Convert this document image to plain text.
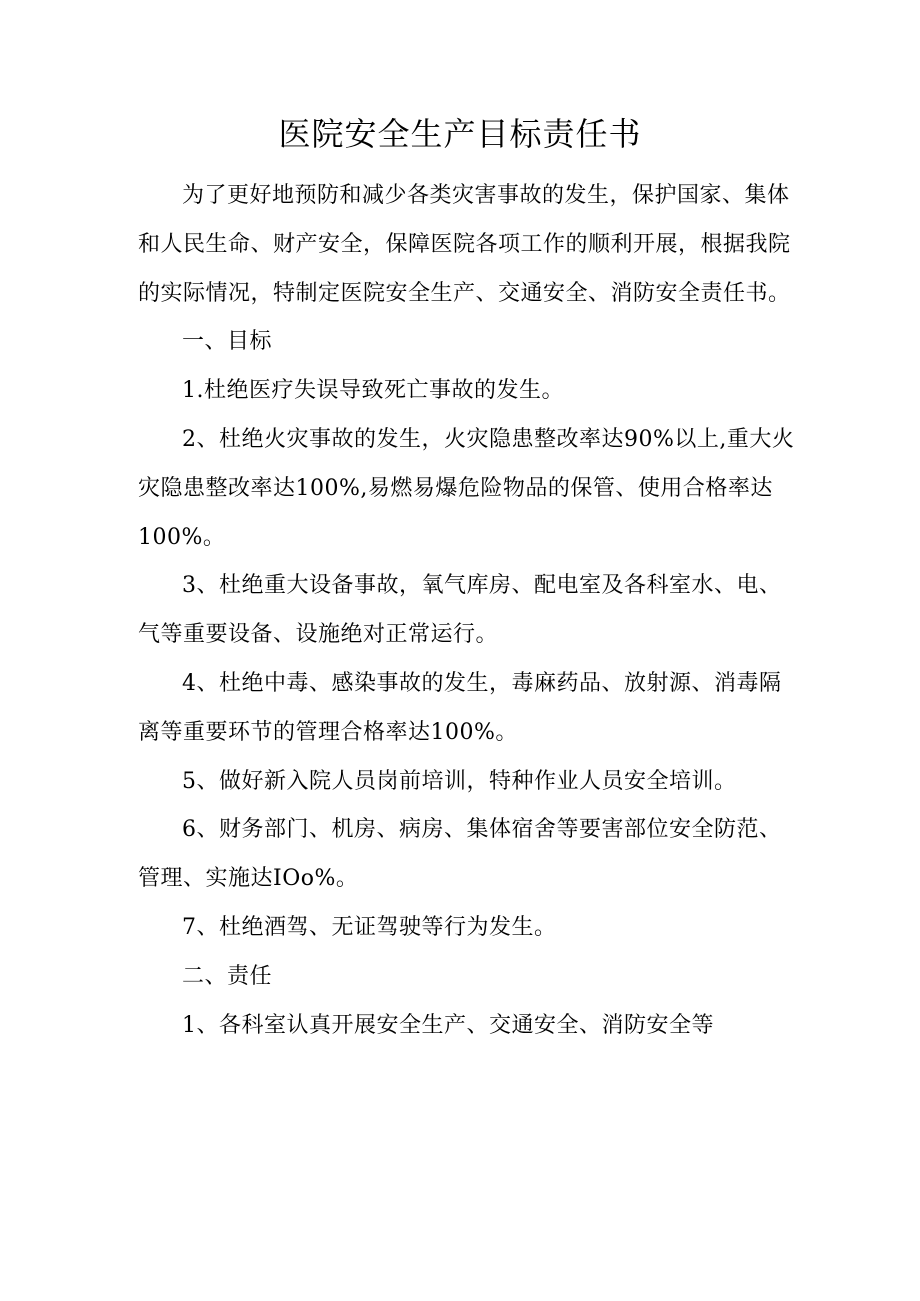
医院安全生产目标责任书

为了更好地预防和减少各类灾害事故的发生，保护国家、集体和人民生命、财产安全，保障医院各项工作的顺利开展，根据我院的实际情况，特制定医院安全生产、交通安全、消防安全责任书。

一、目标

1.杜绝医疗失误导致死亡事故的发生。

2、杜绝火灾事故的发生，火灾隐患整改率达90%以上,重大火灾隐患整改率达100%,易燃易爆危险物品的保管、使用合格率达100%。

3、杜绝重大设备事故，氧气库房、配电室及各科室水、电、气等重要设备、设施绝对正常运行。

4、杜绝中毒、感染事故的发生，毒麻药品、放射源、消毒隔离等重要环节的管理合格率达100%。

5、做好新入院人员岗前培训，特种作业人员安全培训。

6、财务部门、机房、病房、集体宿舍等要害部位安全防范、管理、实施达IOo%。

7、杜绝酒驾、无证驾驶等行为发生。

二、责任

1、各科室认真开展安全生产、交通安全、消防安全等
